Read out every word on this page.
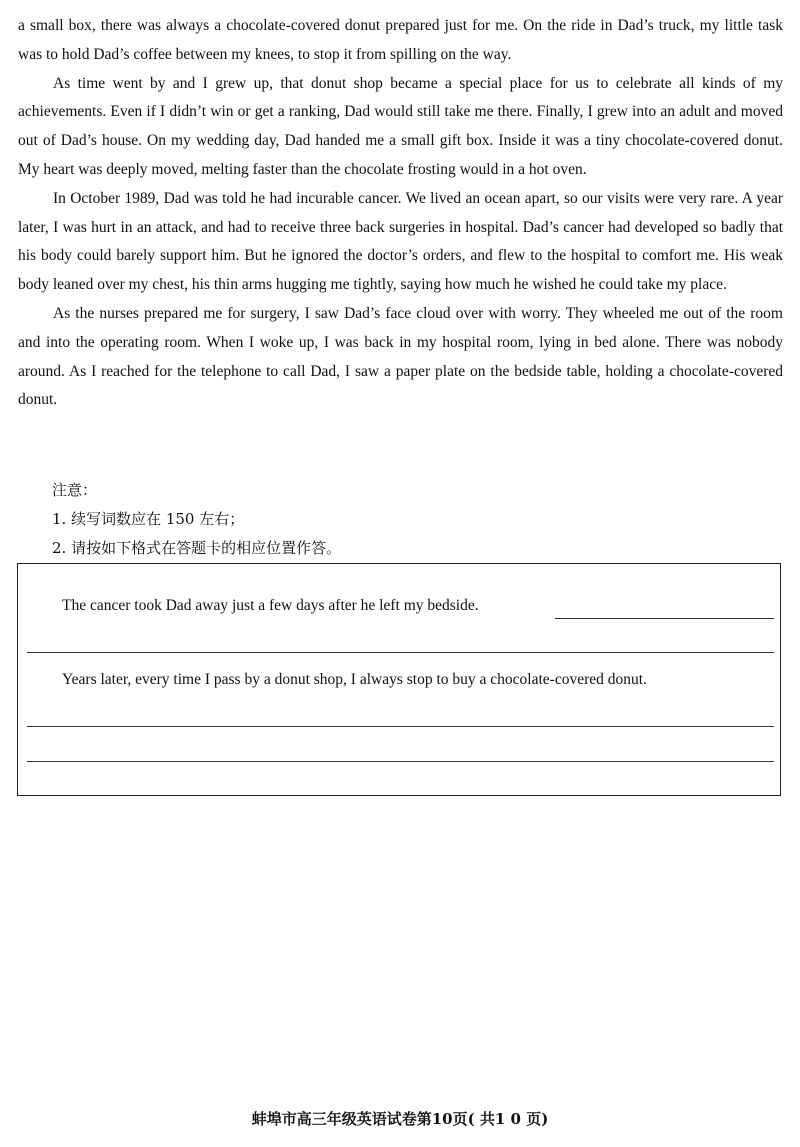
a small box, there was always a chocolate-covered donut prepared just for me. On the ride in Dad’s truck, my little task was to hold Dad’s coffee between my knees, to stop it from spilling on the way.

As time went by and I grew up, that donut shop became a special place for us to celebrate all kinds of my achievements. Even if I didn’t win or get a ranking, Dad would still take me there. Finally, I grew into an adult and moved out of Dad’s house. On my wedding day, Dad handed me a small gift box. Inside it was a tiny chocolate-covered donut. My heart was deeply moved, melting faster than the chocolate frosting would in a hot oven.

In October 1989, Dad was told he had incurable cancer. We lived an ocean apart, so our visits were very rare. A year later, I was hurt in an attack, and had to receive three back surgeries in hospital. Dad’s cancer had developed so badly that his body could barely support him. But he ignored the doctor’s orders, and flew to the hospital to comfort me. His weak body leaned over my chest, his thin arms hugging me tightly, saying how much he wished he could take my place.

As the nurses prepared me for surgery, I saw Dad’s face cloud over with worry. They wheeled me out of the room and into the operating room. When I woke up, I was back in my hospital room, lying in bed alone. There was nobody around. As I reached for the telephone to call Dad, I saw a paper plate on the bedside table, holding a chocolate-covered donut.

注意：
1. 续写词数应在 150 左右；
2. 请按如下格式在答题卡的相应位置作答。
The cancer took Dad away just a few days after he left my bedside.
Years later, every time I pass by a donut shop, I always stop to buy a chocolate-covered donut.
蚌埠市高三年级英语试卷第10页( 共1 0 页)
